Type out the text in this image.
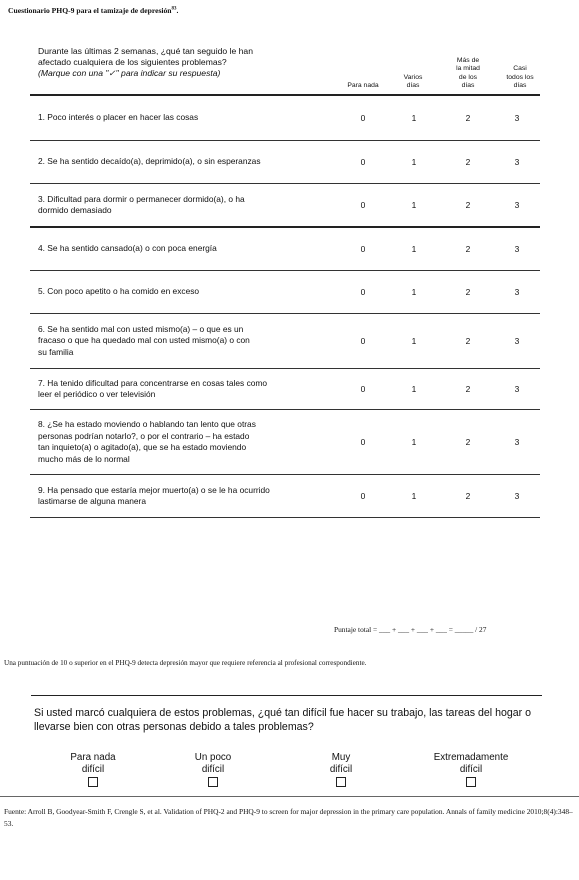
Cuestionario PHQ-9 para el tamizaje de depresión$^{83}$.
Durante las últimas 2 semanas, ¿qué tan seguido le han
afectado cualquiera de los siguientes problemas?
(Marque con una "✓" para indicar su respuesta)
Para nada
Varios
días
Más de
la mitad
de los
días
Casi
todos los
días
1. Poco interés o placer en hacer las cosas	0	1	2	3
2. Se ha sentido decaído(a), deprimido(a), o sin esperanzas	0	1	2	3
3. Dificultad para dormir o permanecer dormido(a), o ha
dormido demasiado	0	1	2	3
4. Se ha sentido cansado(a) o con poca energía	0	1	2	3
5. Con poco apetito o ha comido en exceso	0	1	2	3
6. Se ha sentido mal con usted mismo(a) – o que es un
fracaso o que ha quedado mal con usted mismo(a) o con
su familia
0	1	2	3
7. Ha tenido dificultad para concentrarse en cosas tales como
leer el periódico o ver televisión	0	1	2	3
8. ¿Se ha estado moviendo o hablando tan lento que otras
personas podrían notarlo?, o por el contrario – ha estado
tan inquieto(a) o agitado(a), que se ha estado moviendo
mucho más de lo normal
0	1	2	3
9. Ha pensado que estaría mejor muerto(a) o se le ha ocurrido
lastimarse de alguna manera	0	1	2	3
Puntaje total = ___ + ___ + ___ + ___ = _____ / 27
Una puntuación de 10 o superior en el PHQ-9 detecta depresión mayor que requiere referencia al profesional correspondiente.
Si usted marcó cualquiera de estos problemas, ¿qué tan difícil fue hacer su trabajo, las tareas del hogar o llevarse bien con otras personas debido a tales problemas?
Para nada
difícil
Un poco
difícil
Muy
difícil
Extremadamente
difícil
Fuente: Arroll B, Goodyear-Smith F, Crengle S, et al. Validation of PHQ-2 and PHQ-9 to screen for major depression in the primary care population. Annals of family medicine 2010;8(4):348–53.
